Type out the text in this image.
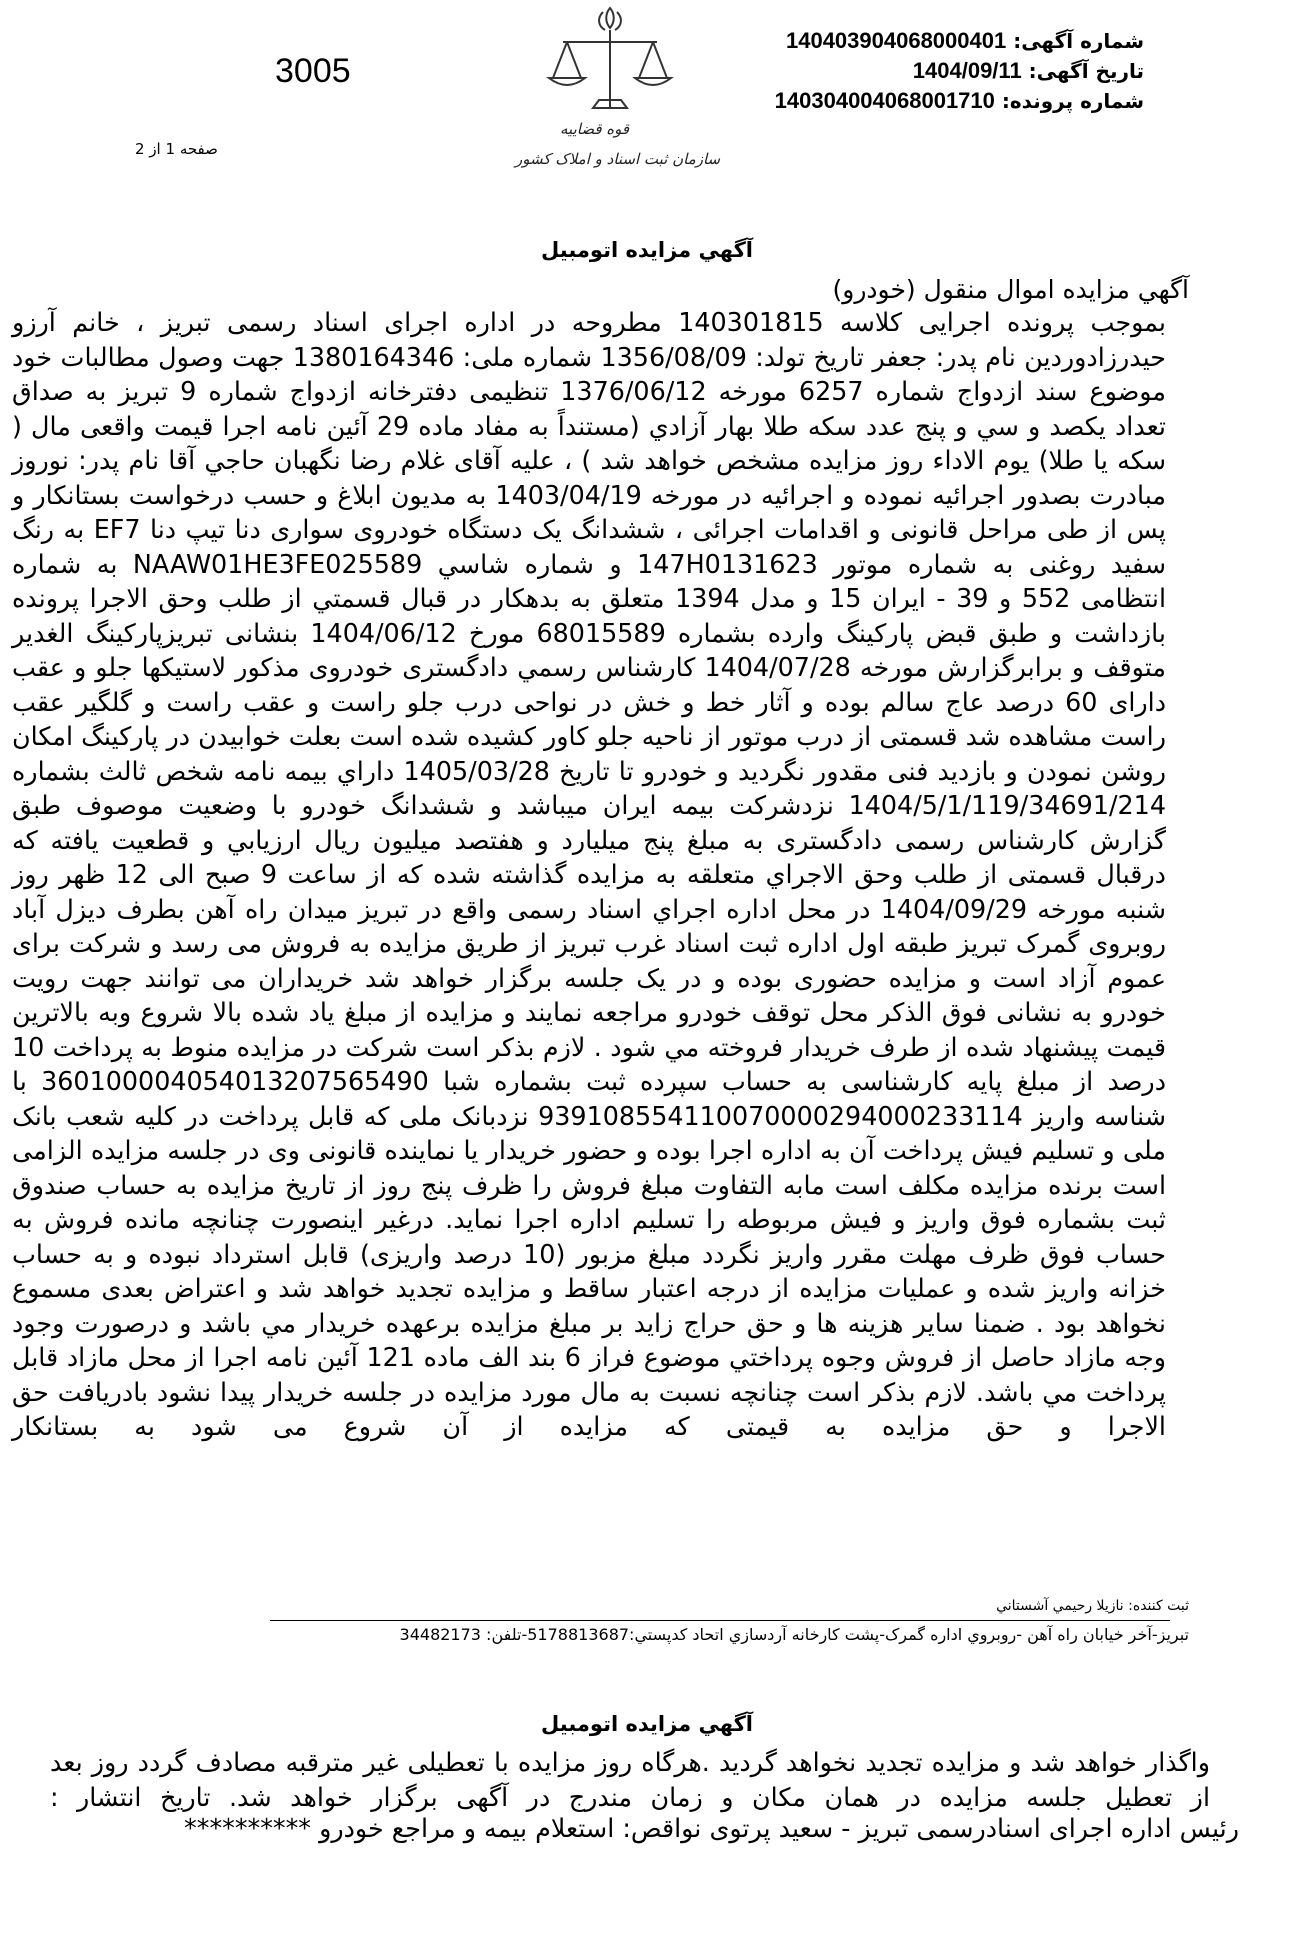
3005
صفحه 1 از 2
قوه قضاییه
سازمان ثبت اسناد و املاک کشور
شماره آگهی: 14040390406800040​1
تاریخ آگهی: 1404/09/11
شماره پرونده: 14030400406800171​0
آگهي مزايده اتومبيل
آگهي مزايده اموال منقول (خودرو)

بموجب پرونده اجرایی کلاسه 140301815 مطروحه در اداره اجرای اسناد رسمی تبریز ، خانم آرزو حیدرزادوردین نام پدر: جعفر تاریخ تولد: 1356/08/09 شماره ملی: 1380164346 جهت وصول مطالبات خود موضوع سند ازدواج شماره 6257 مورخه 1376/06/12 تنظیمی دفترخانه ازدواج شماره 9 تبریز به صداق تعداد یکصد و سي و پنج عدد سکه طلا بهار آزادي (مستنداً به مفاد ماده 29 آئین نامه اجرا قیمت واقعی مال ( سکه یا طلا) یوم الاداء روز مزایده مشخص خواهد شد ) ، علیه آقای غلام رضا نگهبان حاجي آقا نام پدر: نوروز مبادرت بصدور اجرائیه نموده و اجرائیه در مورخه 1403/04/19 به مدیون ابلاغ و حسب درخواست بستانکار و پس از طی مراحل قانونی و اقدامات اجرائی ، ششدانگ یک دستگاه خودروی سواری دنا تیپ دنا EF7 به رنگ سفید روغنی به شماره موتور 147H0131623 و شماره شاسي NAAW01HE3FE025589 به شماره انتظامی 552 و 39 - ایران 15 و مدل 1394 متعلق به بدهکار در قبال قسمتي از طلب وحق الاجرا پرونده بازداشت و طبق قبض پارکینگ وارده بشماره 68015589 مورخ 1404/06/12 بنشانی تبریزپارکینگ الغدیر متوقف و برابرگزارش مورخه 1404/07/28 کارشناس رسمي دادگستری خودروی مذکور لاستیکها جلو و عقب دارای 60 درصد عاج سالم بوده و آثار خط و خش در نواحی درب جلو راست و عقب راست و گلگیر عقب راست مشاهده شد قسمتی از درب موتور از ناحیه جلو کاور کشیده شده است بعلت خوابیدن در پارکینگ امکان روشن نمودن و بازدید فنی مقدور نگردید و خودرو تا تاریخ 1405/03/28 داراي بیمه نامه شخص ثالث بشماره 1404/5/1/119/34691/214 نزدشرکت بیمه ایران میباشد و ششدانگ خودرو با وضعیت موصوف طبق گزارش کارشناس رسمی دادگستری به مبلغ پنج میلیارد و هفتصد میلیون ریال ارزیابي و قطعیت یافته که درقبال قسمتی از طلب وحق الاجراي متعلقه به مزایده گذاشته شده که از ساعت 9 صبح الی 12 ظهر روز شنبه مورخه 1404/09/29 در محل اداره اجراي اسناد رسمی واقع در تبریز میدان راه آهن بطرف دیزل آباد روبروی گمرک تبریز طبقه اول اداره ثبت اسناد غرب تبریز از طریق مزایده به فروش می رسد و شرکت برای عموم آزاد است و مزایده حضوری بوده و در یک جلسه برگزار خواهد شد خریداران می توانند جهت رویت خودرو به نشانی فوق الذکر محل توقف خودرو مراجعه نمایند و مزایده از مبلغ یاد شده بالا شروع وبه بالاترین قیمت پیشنهاد شده از طرف خریدار فروخته مي شود . لازم بذکر است شرکت در مزایده منوط به پرداخت 10 درصد از مبلغ پایه کارشناسی به حساب سپرده ثبت بشماره شبا 360100004054013207565490 با شناسه واریز 939108554110070000294000233114 نزدبانک ملی که قابل پرداخت در کلیه شعب بانک ملی و تسلیم فیش پرداخت آن به اداره اجرا بوده و حضور خریدار یا نماینده قانونی وی در جلسه مزایده الزامی است برنده مزایده مکلف است مابه التفاوت مبلغ فروش را ظرف پنج روز از تاریخ مزایده به حساب صندوق ثبت بشماره فوق واریز و فیش مربوطه را تسلیم اداره اجرا نماید. درغیر اینصورت چنانچه مانده فروش به حساب فوق ظرف مهلت مقرر واریز نگردد مبلغ مزبور (10 درصد واریزی) قابل استرداد نبوده و به حساب خزانه واریز شده و عملیات مزایده از درجه اعتبار ساقط و مزایده تجدید خواهد شد و اعتراض بعدی مسموع نخواهد بود . ضمنا سایر هزینه ها و حق حراج زاید بر مبلغ مزایده برعهده خریدار مي باشد و درصورت وجود وجه مازاد حاصل از فروش وجوه پرداختي موضوع فراز 6 بند الف ماده 121 آئین نامه اجرا از محل مازاد قابل پرداخت مي باشد. لازم بذکر است چنانچه نسبت به مال مورد مزایده در جلسه خریدار پیدا نشود بادریافت حق الاجرا و حق مزایده به قیمتی که مزایده از آن شروع می شود به بستانکار

ثبت کننده: نازیلا رحیمي آشستاني
تبریز-آخر خیابان راه آهن -روبروي اداره گمرک-پشت کارخانه آردسازي اتحاد کدپستي:5178813687-تلفن: 34482173
آگهي مزايده اتومبيل
واگذار خواهد شد و مزایده تجدید نخواهد گردید .هرگاه روز مزایده با تعطیلی غیر مترقبه مصادف گردد روز بعد از تعطیل جلسه مزایده در همان مکان و زمان مندرج در آگهی برگزار خواهد شد. تاریخ انتشار :
رئیس اداره اجرای اسنادرسمی تبریز - سعید پرتوی نواقص: استعلام بیمه و مراجع خودرو **********
